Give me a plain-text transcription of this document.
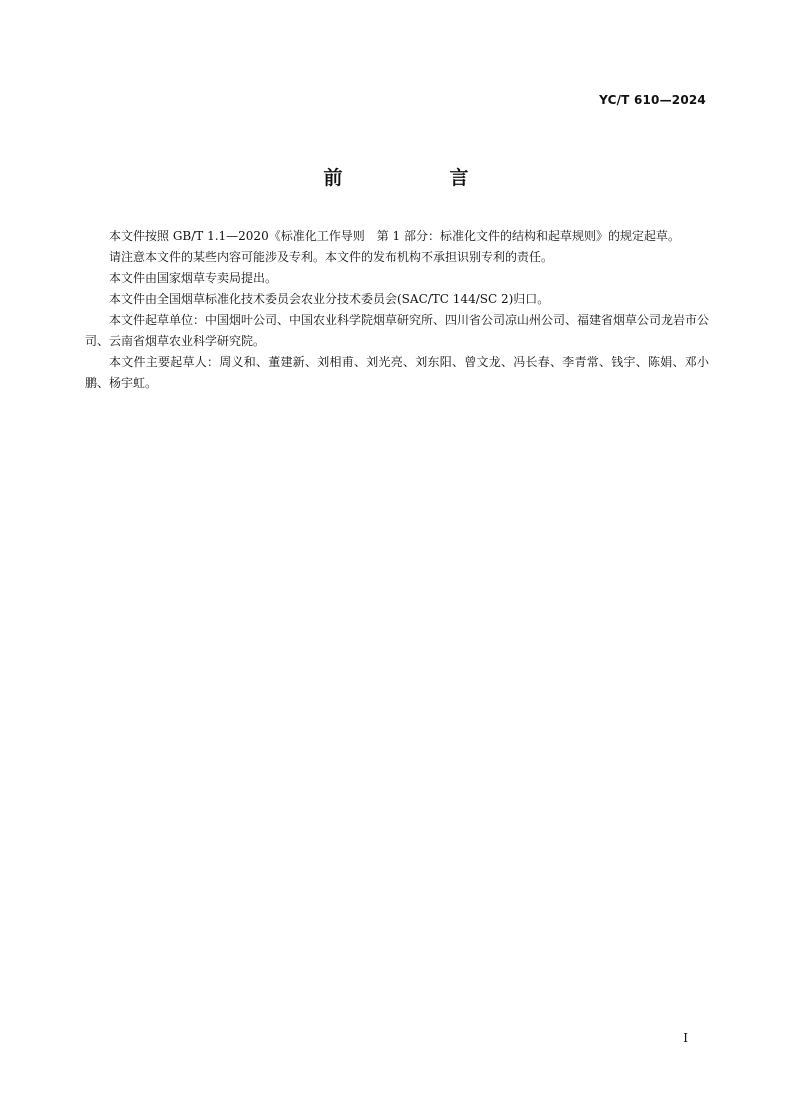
YC/T 610—2024
前　言

本文件按照 GB/T 1.1—2020《标准化工作导则　第 1 部分：标准化文件的结构和起草规则》的规定起草。

请注意本文件的某些内容可能涉及专利。本文件的发布机构不承担识别专利的责任。

本文件由国家烟草专卖局提出。

本文件由全国烟草标准化技术委员会农业分技术委员会(SAC/TC 144/SC 2)归口。

本文件起草单位：中国烟叶公司、中国农业科学院烟草研究所、四川省公司凉山州公司、福建省烟草公司龙岩市公司、云南省烟草农业科学研究院。

本文件主要起草人：周义和、董建新、刘相甫、刘光亮、刘东阳、曾文龙、冯长春、李青常、钱宇、陈娟、邓小鹏、杨宇虹。

I
